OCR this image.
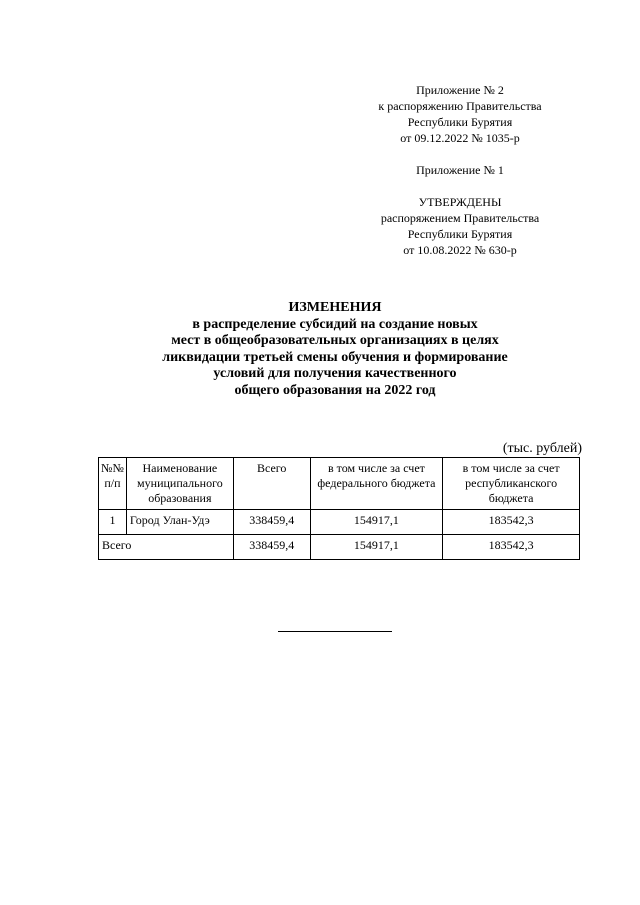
Приложение № 2
к распоряжению Правительства
Республики Бурятия
от 09.12.2022 № 1035-р
Приложение № 1
УТВЕРЖДЕНЫ
распоряжением Правительства
Республики Бурятия
от 10.08.2022 № 630-р
ИЗМЕНЕНИЯ
в распределение субсидий на создание новых
мест в общеобразовательных организациях в целях
ликвидации третьей смены обучения и формирование
условий для получения качественного
общего образования на 2022 год
(тыс. рублей)
№№ п/п	Наименование муниципального образования	Всего	в том числе за счет федерального бюджета	в том числе за счет республиканского бюджета
1	Город Улан-Удэ	338459,4	154917,1	183542,3
Всего		338459,4	154917,1	183542,3
